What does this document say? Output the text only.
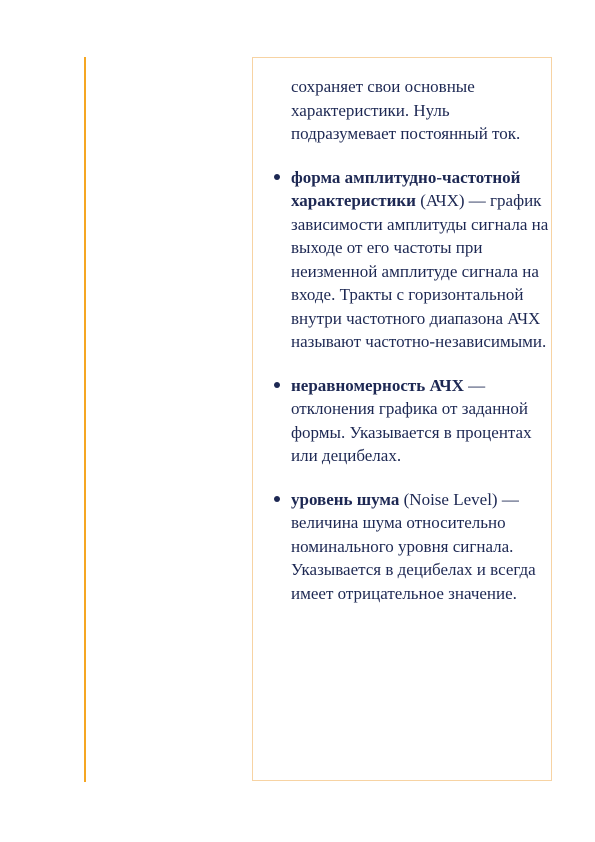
сохраняет свои основные характеристики. Нуль подразумевает постоянный ток.

форма амплитудно-частотной характеристики (АЧХ) — график зависимости амплитуды сигнала на выходе от его частоты при неизменной амплитуде сигнала на входе. Тракты с горизонтальной внутри частотного диапазона АЧХ называют частотно-независимыми.
неравномерность АЧХ — отклонения графика от заданной формы. Указывается в процентах или децибелах.
уровень шума (Noise Level) — величина шума относительно номинального уровня сигнала. Указывается в децибелах и всегда имеет отрицательное значение.
